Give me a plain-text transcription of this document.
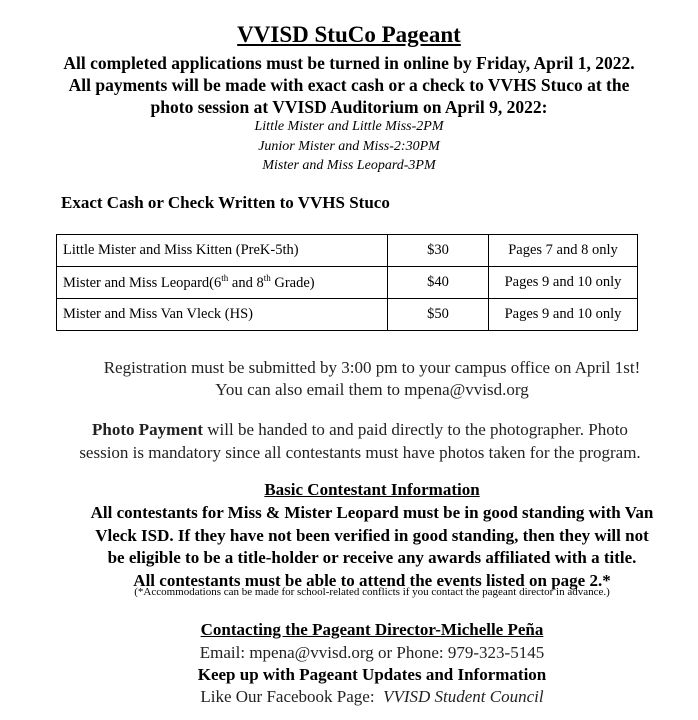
VVISD StuCo Pageant
All completed applications must be turned in online by Friday, April 1, 2022.
All payments will be made with exact cash or a check to VVHS Stuco at the
photo session at VVISD Auditorium on April 9, 2022:
Little Mister and Little Miss-2PM
Junior Mister and Miss-2:30PM
Mister and Miss Leopard-3PM
Exact Cash or Check Written to VVHS Stuco
Little Mister and Miss Kitten (PreK-5th)	$30	Pages 7 and 8 only
Mister and Miss Leopard(6th and 8th Grade)	$40	Pages 9 and 10 only
Mister and Miss Van Vleck (HS)	$50	Pages 9 and 10 only
Registration must be submitted by 3:00 pm to your campus office on April 1st!
You can also email them to mpena@vvisd.org
Photo Payment will be handed to and paid directly to the photographer. Photo
session is mandatory since all contestants must have photos taken for the program.
Basic Contestant Information
All contestants for Miss & Mister Leopard must be in good standing with Van
Vleck ISD. If they have not been verified in good standing, then they will not
be eligible to be a title-holder or receive any awards affiliated with a title.
All contestants must be able to attend the events listed on page 2.*
(*Accommodations can be made for school-related conflicts if you contact the pageant director in advance.)
Contacting the Pageant Director-Michelle Peña
Email: mpena@vvisd.org or Phone: 979-323-5145
Keep up with Pageant Updates and Information
Like Our Facebook Page:  VVISD Student Council
